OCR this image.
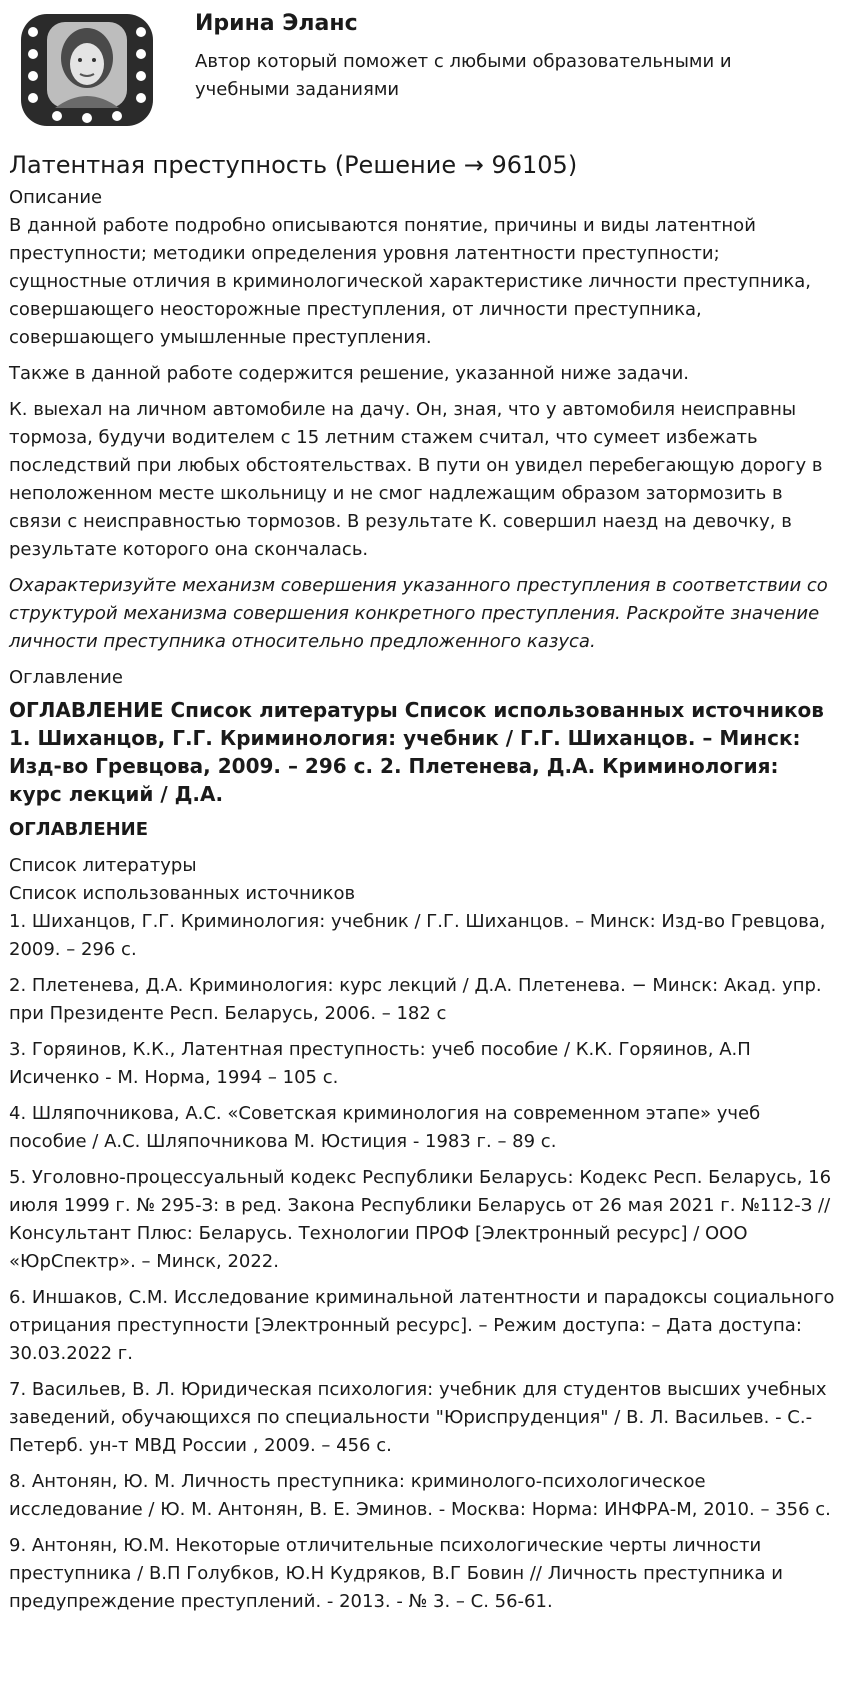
Ирина Эланс
Автор который поможет с любыми образовательными и учебными заданиями
Латентная преступность (Решение → 96105)
Описание

В данной работе подробно описываются понятие, причины и виды латентной преступности; методики определения уровня латентности преступности; сущностные отличия в криминологической характеристике личности преступника, совершающего неосторожные преступления, от личности преступника, совершающего умышленные преступления.

Также в данной работе содержится решение, указанной ниже задачи.

К. выехал на личном автомобиле на дачу. Он, зная, что у автомобиля неисправны тормоза, будучи водителем с 15 летним стажем считал, что сумеет избежать последствий при любых обстоятельствах. В пути он увидел перебегающую дорогу в неположенном месте школьницу и не смог надлежащим образом затормозить в связи с неисправностью тормозов. В результате К. совершил наезд на девочку, в результате которого она скончалась.

Охарактеризуйте механизм совершения указанного преступления в соответствии со структурой механизма совершения конкретного преступления. Раскройте значение личности преступника относительно предложенного казуса.

Оглавление
ОГЛАВЛЕНИЕ Список литературы Список использованных источников 1. Шиханцов, Г.Г. Криминология: учебник / Г.Г. Шиханцов. – Минск: Изд-во Гревцова, 2009. – 296 с. 2. Плетенева, Д.А. Криминология: курс лекций / Д.А.
ОГЛАВЛЕНИЕ
Список литературы
Список использованных источников

1. Шиханцов, Г.Г. Криминология: учебник / Г.Г. Шиханцов. – Минск: Изд-во Гревцова, 2009. – 296 с.

2. Плетенева, Д.А. Криминология: курс лекций / Д.А. Плетенева. − Минск: Акад. упр. при Президенте Респ. Беларусь, 2006. – 182 с

3. Горяинов, К.К., Латентная преступность: учеб пособие / К.К. Горяинов, А.П Исиченко - М. Норма, 1994 – 105 с.

4. Шляпочникова, А.С. «Советская криминология на современном этапе» учеб пособие / А.С. Шляпочникова М. Юстиция - 1983 г. – 89 с.

5. Уголовно-процессуальный кодекс Республики Беларусь: Кодекс Респ. Беларусь, 16 июля 1999 г. № 295-З: в ред. Закона Республики Беларусь от 26 мая 2021 г. №112-З // Консультант Плюс: Беларусь. Технологии ПРОФ [Электронный ресурс] / ООО «ЮрСпектр». – Минск, 2022.

6. Иншаков, С.М. Исследование криминальной латентности и парадоксы социального отрицания преступности [Электронный ресурс]. – Режим доступа: – Дата доступа: 30.03.2022 г.

7. Васильев, В. Л. Юридическая психология: учебник для студентов высших учебных заведений, обучающихся по специальности "Юриспруденция" / В. Л. Васильев. - С.-Петерб. ун-т МВД России , 2009. – 456 с.

8. Антонян, Ю. М. Личность преступника: криминолого-психологическое исследование / Ю. М. Антонян, В. Е. Эминов. - Москва: Норма: ИНФРА-М, 2010. – 356 с.

9. Антонян, Ю.М. Некоторые отличительные психологические черты личности преступника / В.П Голубков, Ю.Н Кудряков, В.Г Бовин // Личность преступника и предупреждение преступлений. - 2013. - № 3. – С. 56-61.
